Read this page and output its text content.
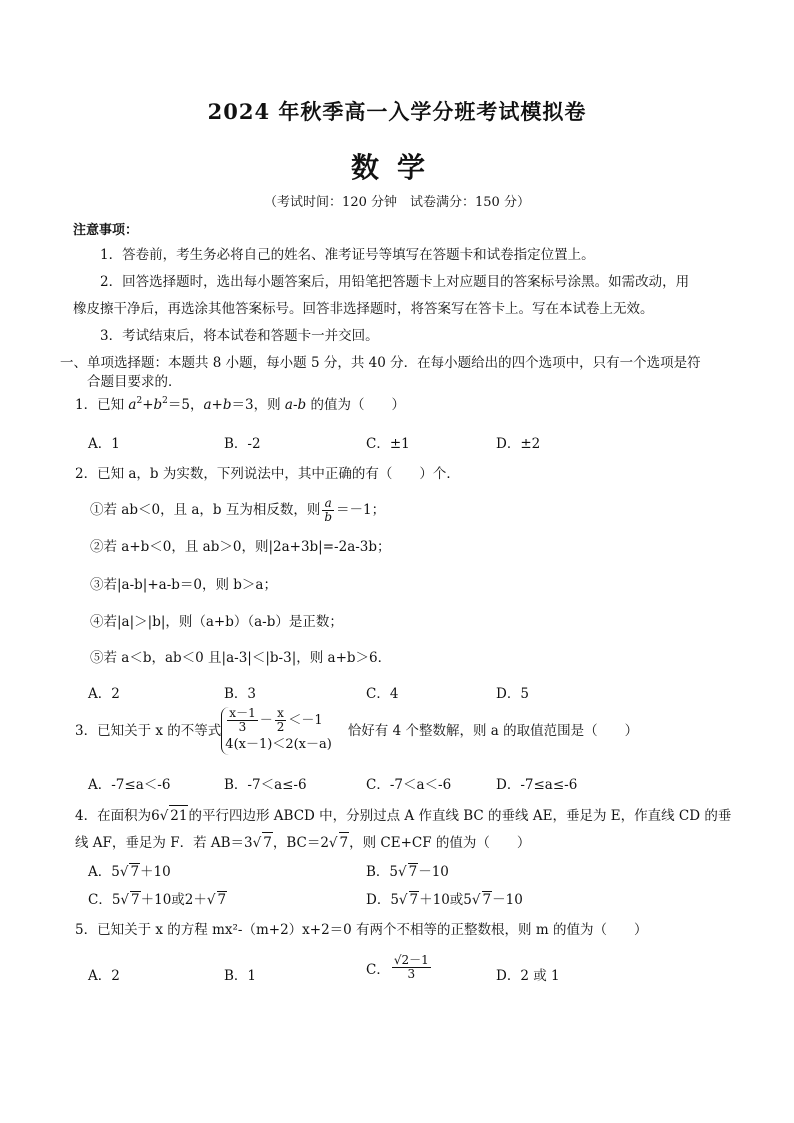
2024 年秋季高一入学分班考试模拟卷
数学
（考试时间：120 分钟　试卷满分：150 分）
注意事项：
1．答卷前，考生务必将自己的姓名、准考证号等填写在答题卡和试卷指定位置上。
2．回答选择题时，选出每小题答案后，用铅笔把答题卡上对应题目的答案标号涂黑。如需改动，用
橡皮擦干净后，再选涂其他答案标号。回答非选择题时，将答案写在答卡上。写在本试卷上无效。
3．考试结束后，将本试卷和答题卡一并交回。
一、单项选择题：本题共 8 小题，每小题 5 分，共 40 分．在每小题给出的四个选项中，只有一个选项是符
合题目要求的．
1．已知 $a^2+b^2=5$，a+b＝3，则 a-b 的值为（　　）
A．1	B．-2	C．±1	D．±2
2．已知 a，b 为实数，下列说法中，其中正确的有（　　）个．
①若 ab＜0，且 a，b 互为相反数，则 $\frac{a}{b} =-1$；
②若 a+b＜0，且 ab＞0，则|2a+3b|=-2a-3b；
③若|a-b|+a-b＝0，则 b＞a；
④若|a|＞|b|，则（a+b）（a-b）是正数；
⑤若 a＜b，ab＜0 且|a-3|＜|b-3|，则 a+b＞6．
A．2	B．3	C．4	D．5
3．已知关于 x 的不等式 $\frac{x-1}{3} - \frac{x}{2} <-1$
4(x－1)＜2(x－a)
恰好有 4 个整数解，则 a 的取值范围是（　　）
A．-7≤a＜-6	B．-7＜a≤-6	C．-7＜a＜-6	D．-7≤a≤-6
4．在面积为6√ 21的平行四边形 ABCD 中，分别过点 A 作直线 BC 的垂线 AE，垂足为 E，作直线 CD 的垂
线 AF，垂足为 F．若 AB＝3√ 7，BC＝2√ 7，则 CE+CF 的值为（　　）
A．5√ 7＋10	B．5√ 7－10
C．5√ 7＋10或2＋√ 7	D．5√ 7＋10或5√ 7－10
5．已知关于 x 的方程 mx²-（m+2）x+2＝0 有两个不相等的正整数根，则 m 的值为（　　）
A．2	B．1	C． $\frac{√2-1}{3}$	D．2 或 1
